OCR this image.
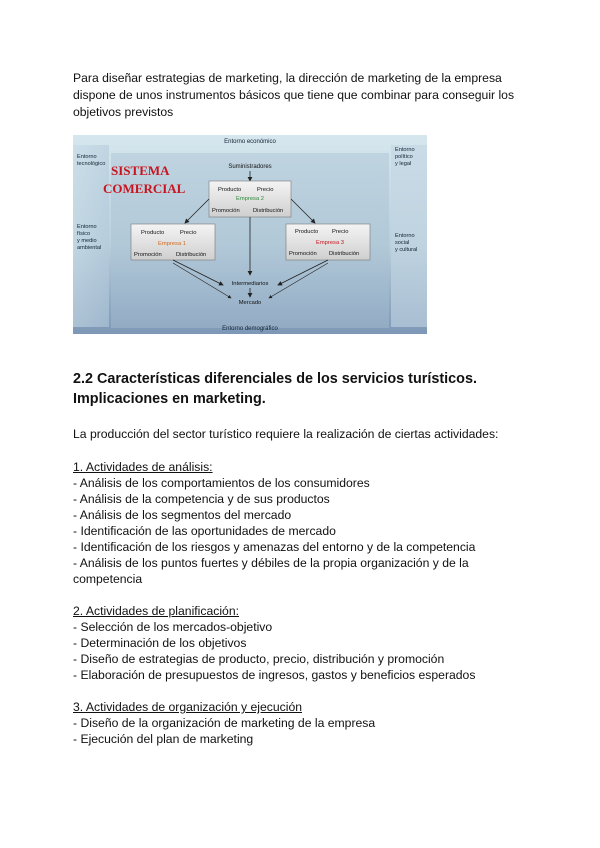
Para diseñar estrategias de marketing, la dirección de marketing de la empresa dispone de unos instrumentos básicos que tiene que combinar para conseguir los objetivos previstos

Entorno económico
Entorno demográfico
Entorno
tecnológico
Entorno
físico
y medio
ambiental
Entorno
político
y legal
Entorno
social
y cultural
SISTEMA
COMERCIAL
Suministradores
Producto	Precio
Empresa 2
Promoción Distribución
Producto	Precio
Empresa 1
Promoción Distribución
Producto Precio
Empresa 3
Promoción Distribución
Intermediarios
Mercado
2.2 Características diferenciales de los servicios turísticos. Implicaciones en marketing.

La producción del sector turístico requiere la realización de ciertas actividades:

1. Actividades de análisis:

- Análisis de los comportamientos de los consumidores
- Análisis de la competencia y de sus productos
- Análisis de los segmentos del mercado
- Identificación de las oportunidades de mercado
- Identificación de los riesgos y amenazas del entorno y de la competencia
- Análisis de los puntos fuertes y débiles de la propia organización y de la competencia

2. Actividades de planificación:

- Selección de los mercados-objetivo
- Determinación de los objetivos
- Diseño de estrategias de producto, precio, distribución y promoción
- Elaboración de presupuestos de ingresos, gastos y beneficios esperados

3. Actividades de organización y ejecución

- Diseño de la organización de marketing de la empresa
- Ejecución del plan de marketing
